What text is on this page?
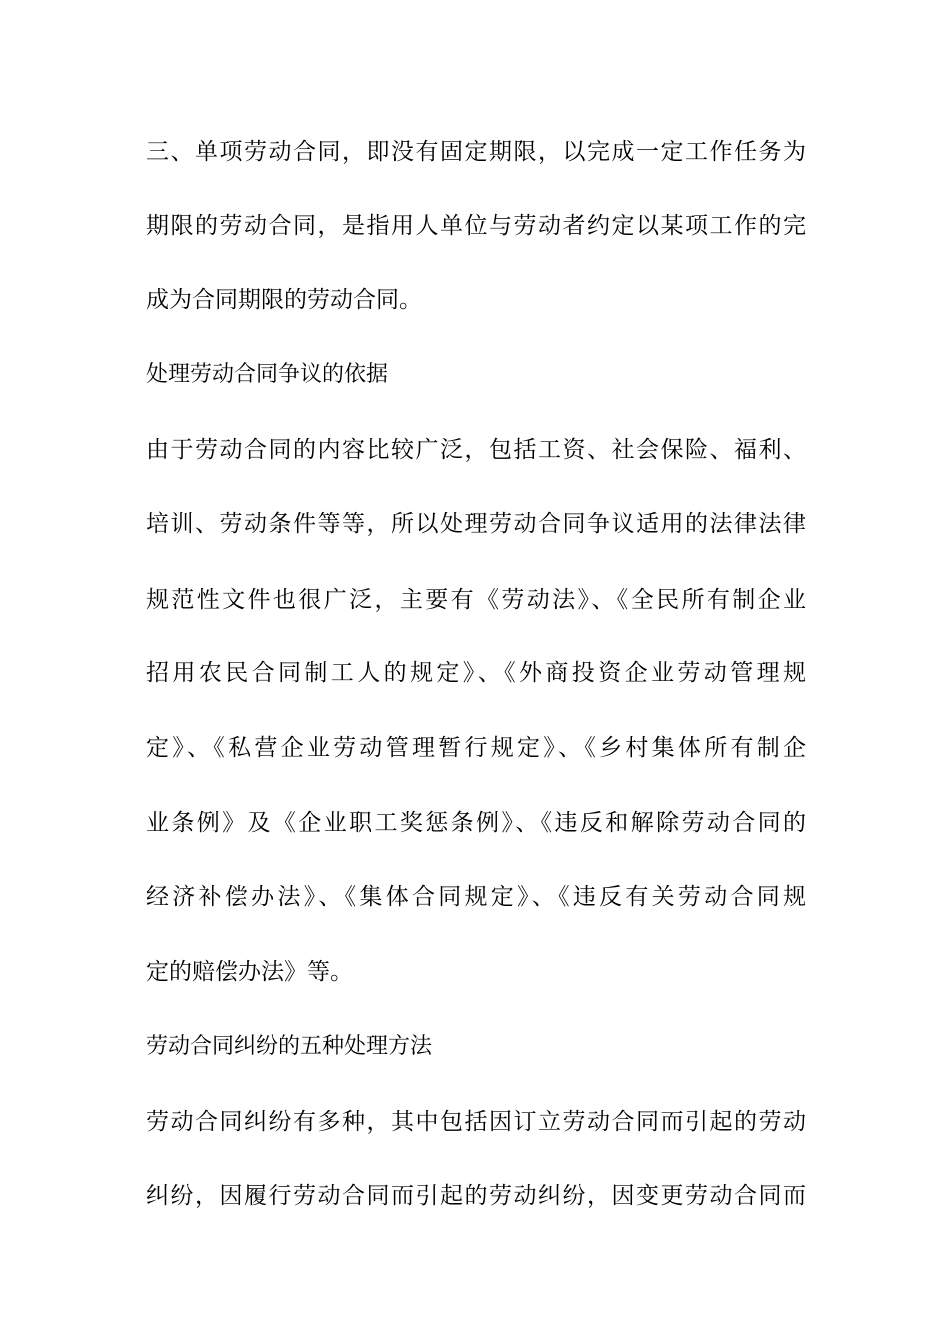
三、单项劳动合同，即没有固定期限，以完成一定工作任务为
期限的劳动合同，是指用人单位与劳动者约定以某项工作的完
成为合同期限的劳动合同。
处理劳动合同争议的依据
由于劳动合同的内容比较广泛，包括工资、社会保险、福利、
培训、劳动条件等等，所以处理劳动合同争议适用的法律法律
规范性文件也很广泛，主要有《劳动法》、《全民所有制企业
招用农民合同制工人的规定》、《外商投资企业劳动管理规
定》、《私营企业劳动管理暂行规定》、《乡村集体所有制企
业条例》及《企业职工奖惩条例》、《违反和解除劳动合同的
经济补偿办法》、《集体合同规定》、《违反有关劳动合同规
定的赔偿办法》等。
劳动合同纠纷的五种处理方法
劳动合同纠纷有多种，其中包括因订立劳动合同而引起的劳动
纠纷，因履行劳动合同而引起的劳动纠纷，因变更劳动合同而
